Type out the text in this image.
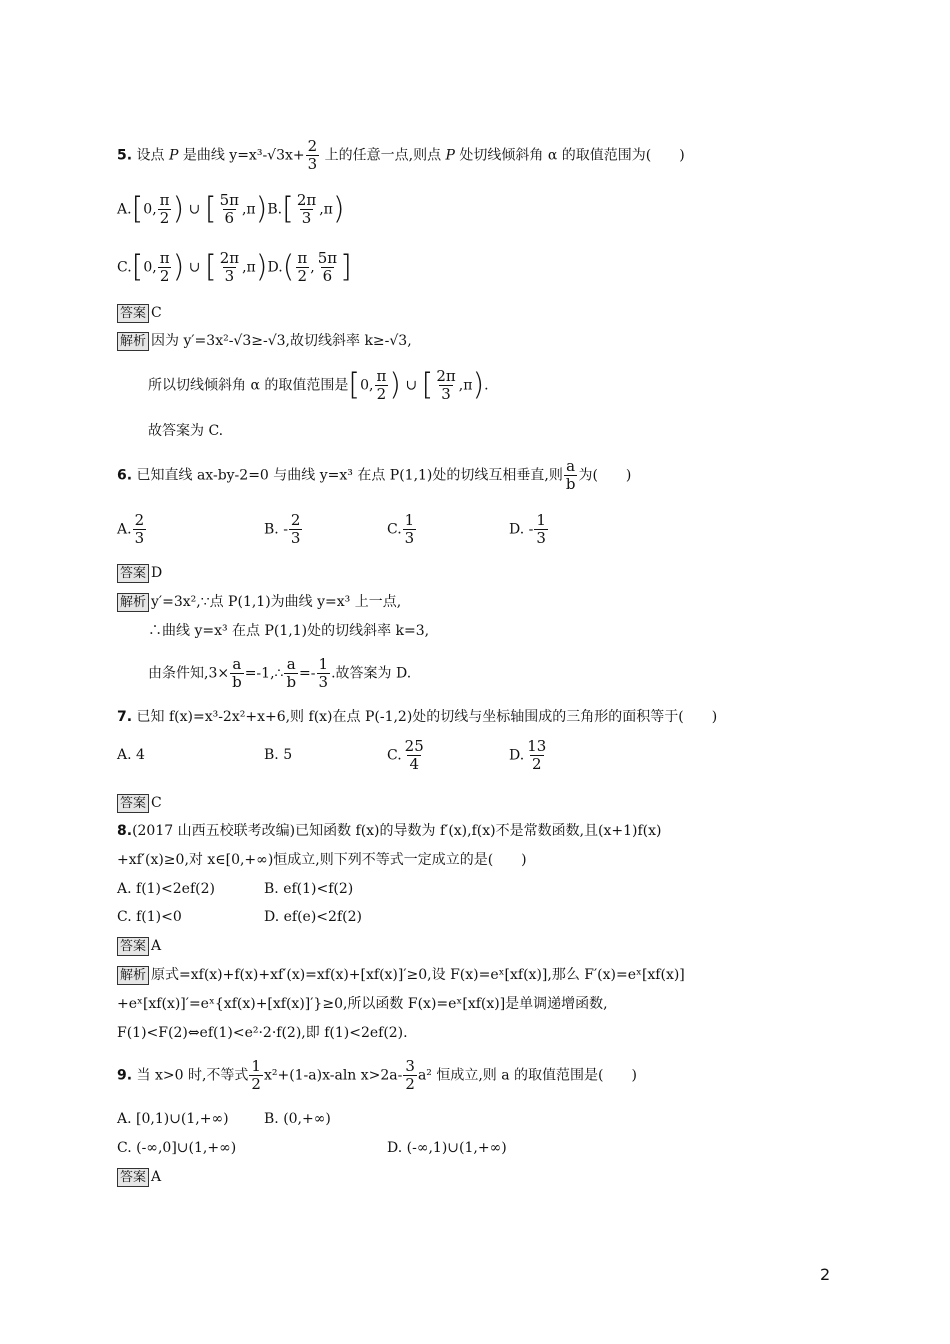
5. 设点 P 是曲线 $y=x^3-√3x+ \frac{2}{3}$ 上的任意一点,则点 P 处切线倾斜角 α 的取值范围为(　　)
A.[0, $\frac{\pi}{2}$ ) ∪ [ $\frac{5\pi}{6} ,\pi)B.[ \frac{2\pi}{3} ,\pi)$
C.[0, $\frac{\pi}{2}$ ) ∪ [ $\frac{2\pi}{3} ,\pi)D.( \frac{\pi}{2}$ , $\frac{5\pi}{6}$ ]
答案 C
解析 因为 y′=3x²-√3≥-√3,故切线斜率 k≥-√3,
所以切线倾斜角 α 的取值范围是[0, $\frac{\pi}{2}$ ) ∪ [ $\frac{2\pi}{3} ,\pi$).
故答案为 C.
6. 已知直线 ax-by-2=0 与曲线 y=x³ 在点 P(1,1)处的切线互相垂直,则 $\frac{a}{b}$ 为(　　)
A. $\frac{2}{3}$	B. - $\frac{2}{3}$	C. $\frac{1}{3}$	D. - $\frac{1}{3}$
答案 D
解析 y′=3x²,∵点 P(1,1)为曲线 y=x³ 上一点,
∴曲线 y=x³ 在点 P(1,1)处的切线斜率 k=3,
由条件知$,3\times \frac{a}{b}$ =-1,∴ $\frac{a}{b} =- \frac{1}{3}$ .故答案为 D.
7. 已知 f(x)=x³-2x²+x+6,则 f(x)在点 P(-1,2)处的切线与坐标轴围成的三角形的面积等于(　　)
A. 4	B. 5	C. $\frac{25}{4}$	D. $\frac{13}{2}$
答案 C
8.(2017 山西五校联考改编)已知函数 f(x)的导数为 f′(x),f(x)不是常数函数,且(x+1)f(x)
+xf′(x)≥0,对 x∈[0,+∞)恒成立,则下列不等式一定成立的是(　　)
A. f(1)<2ef(2)	B. ef(1)<f(2)
C. f(1)<0	D. ef(e)<2f(2)
答案 A
解析 原式=xf(x)+f(x)+xf′(x)=xf(x)+[xf(x)]′≥0,设 F(x)=eˣ[xf(x)],那么 F′(x)=eˣ[xf(x)]
+eˣ[xf(x)]′=eˣ{xf(x)+[xf(x)]′}≥0,所以函数 F(x)=eˣ[xf(x)]是单调递增函数,
F(1)<F(2)⇔ef(1)<e²·2·f(2),即 f(1)<2ef(2).
9. 当 x>0 时,不等式 $\frac{1}{2} x^2+(1-a)x-aln$ $x>2a- \frac{3}{2} a^2$ 恒成立,则 a 的取值范围是(　　)
A. [0,1)∪(1,+∞)	B. (0,+∞)
C. (-∞,0]∪(1,+∞)	D. (-∞,1)∪(1,+∞)
答案 A
2
